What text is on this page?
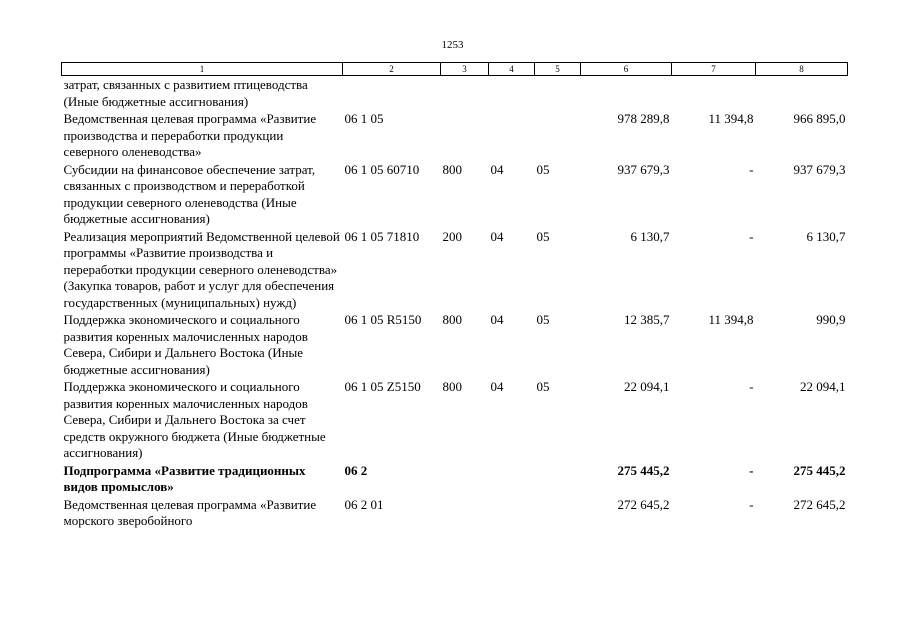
1253
1	2	3	4	5	6	7	8
затрат, связанных с развитием птицеводства (Иные бюджетные ассигнования)							
Ведомственная целевая программа «Развитие производства и переработки продукции северного оленеводства»	06 1 05				978 289,8	11 394,8	966 895,0
Субсидии на финансовое обеспечение затрат, связанных с производством и переработкой продукции северного оленеводства (Иные бюджетные ассигнования)	06 1 05 60710	800	04	05	937 679,3	-	937 679,3
Реализация мероприятий Ведомственной целевой программы «Развитие производства и переработки продукции северного оленеводства» (Закупка товаров, работ и услуг для обеспечения государственных (муниципальных) нужд)	06 1 05 71810	200	04	05	6 130,7	-	6 130,7
Поддержка экономического и социального развития коренных малочисленных народов Севера, Сибири и Дальнего Востока (Иные бюджетные ассигнования)	06 1 05 R5150	800	04	05	12 385,7	11 394,8	990,9
Поддержка экономического и социального развития коренных малочисленных народов Севера, Сибири и Дальнего Востока за счет средств окружного бюджета (Иные бюджетные ассигнования)	06 1 05 Z5150	800	04	05	22 094,1	-	22 094,1
Подпрограмма «Развитие традиционных видов промыслов»	06 2				275 445,2	-	275 445,2
Ведомственная целевая программа «Развитие морского зверобойного	06 2 01				272 645,2	-	272 645,2
